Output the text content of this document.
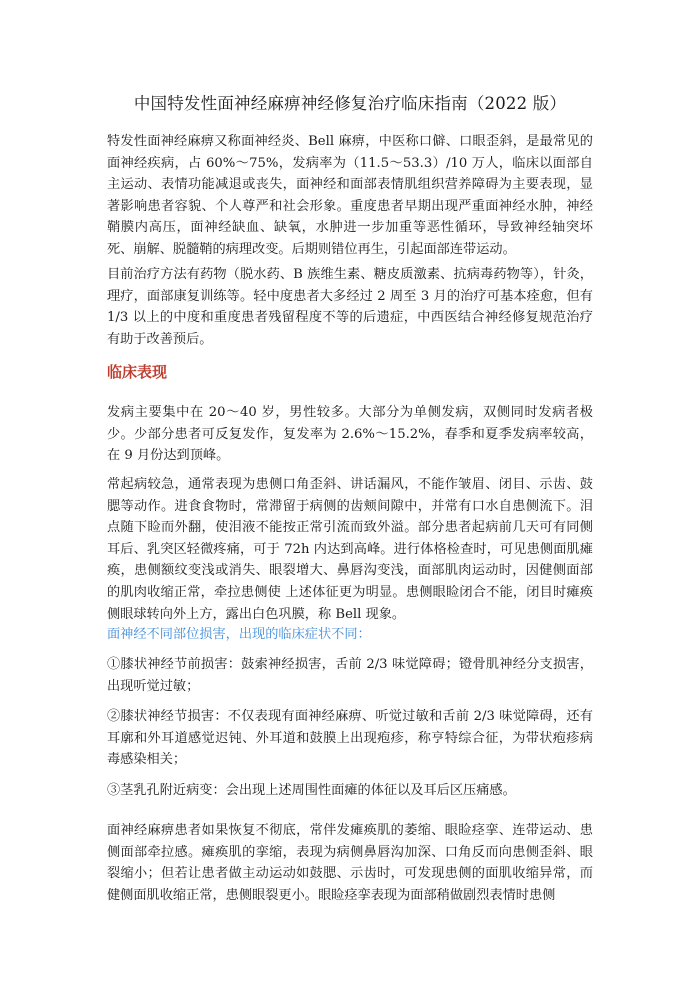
中国特发性面神经麻痹神经修复治疗临床指南（2022 版）

特发性面神经麻痹又称面神经炎、Bell 麻痹，中医称口僻、口眼歪斜，是最常见的面神经疾病，占 60%～75%，发病率为（11.5～53.3）/10 万人，临床以面部自主运动、表情功能减退或丧失，面神经和面部表情肌组织营养障碍为主要表现，显著影响患者容貌、个人尊严和社会形象。重度患者早期出现严重面神经水肿，神经鞘膜内高压，面神经缺血、缺氧，水肿进一步加重等恶性循环，导致神经轴突坏死、崩解、脱髓鞘的病理改变。后期则错位再生，引起面部连带运动。

目前治疗方法有药物（脱水药、B 族维生素、糖皮质激素、抗病毒药物等），针灸，理疗，面部康复训练等。轻中度患者大多经过 2 周至 3 月的治疗可基本痊愈，但有 1/3 以上的中度和重度患者残留程度不等的后遗症，中西医结合神经修复规范治疗有助于改善预后。

临床表现

发病主要集中在 20～40 岁，男性较多。大部分为单侧发病，双侧同时发病者极少。少部分患者可反复发作，复发率为 2.6%～15.2%，春季和夏季发病率较高，在 9 月份达到顶峰。

常起病较急，通常表现为患侧口角歪斜、讲话漏风，不能作皱眉、闭目、示齿、鼓腮等动作。进食食物时，常滞留于病侧的齿颊间隙中，并常有口水自患侧流下。泪点随下睑而外翻，使泪液不能按正常引流而致外溢。部分患者起病前几天可有同侧耳后、乳突区轻微疼痛，可于 72h 内达到高峰。进行体格检查时，可见患侧面肌瘫痪，患侧额纹变浅或消失、眼裂增大、鼻唇沟变浅，面部肌肉运动时，因健侧面部的肌肉收缩正常，牵拉患侧使 上述体征更为明显。患侧眼睑闭合不能，闭目时瘫痪侧眼球转向外上方，露出白色巩膜，称 Bell 现象。

面神经不同部位损害，出现的临床症状不同：

①膝状神经节前损害：鼓索神经损害，舌前 2/3 味觉障碍；镫骨肌神经分支损害，出现听觉过敏；

②膝状神经节损害：不仅表现有面神经麻痹、听觉过敏和舌前 2/3 味觉障碍，还有耳廓和外耳道感觉迟钝、外耳道和鼓膜上出现疱疹，称亨特综合征，为带状疱疹病毒感染相关；

③茎乳孔附近病变：会出现上述周围性面瘫的体征以及耳后区压痛感。

面神经麻痹患者如果恢复不彻底，常伴发瘫痪肌的萎缩、眼睑痉挛、连带运动、患侧面部牵拉感。瘫痪肌的挛缩，表现为病侧鼻唇沟加深、口角反而向患侧歪斜、眼裂缩小；但若让患者做主动运动如鼓腮、示齿时，可发现患侧的面肌收缩异常，而健侧面肌收缩正常，患侧眼裂更小。眼睑痉挛表现为面部稍做剧烈表情时患侧
